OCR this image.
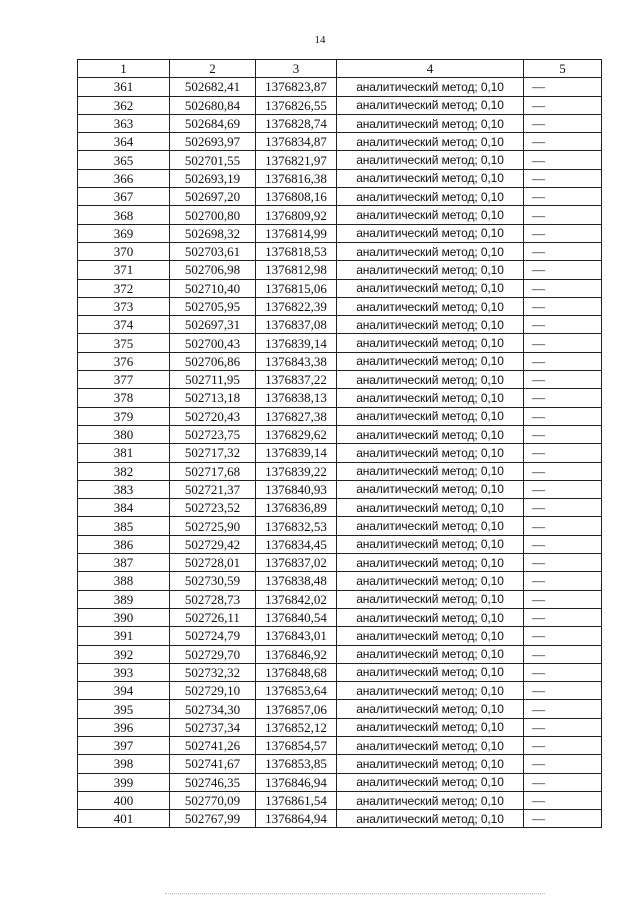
14
1	2	3	4	5
361	502682,41	1376823,87	аналитический метод; 0,10	—
362	502680,84	1376826,55	аналитический метод; 0,10	—
363	502684,69	1376828,74	аналитический метод; 0,10	—
364	502693,97	1376834,87	аналитический метод; 0,10	—
365	502701,55	1376821,97	аналитический метод; 0,10	—
366	502693,19	1376816,38	аналитический метод; 0,10	—
367	502697,20	1376808,16	аналитический метод; 0,10	—
368	502700,80	1376809,92	аналитический метод; 0,10	—
369	502698,32	1376814,99	аналитический метод; 0,10	—
370	502703,61	1376818,53	аналитический метод; 0,10	—
371	502706,98	1376812,98	аналитический метод; 0,10	—
372	502710,40	1376815,06	аналитический метод; 0,10	—
373	502705,95	1376822,39	аналитический метод; 0,10	—
374	502697,31	1376837,08	аналитический метод; 0,10	—
375	502700,43	1376839,14	аналитический метод; 0,10	—
376	502706,86	1376843,38	аналитический метод; 0,10	—
377	502711,95	1376837,22	аналитический метод; 0,10	—
378	502713,18	1376838,13	аналитический метод; 0,10	—
379	502720,43	1376827,38	аналитический метод; 0,10	—
380	502723,75	1376829,62	аналитический метод; 0,10	—
381	502717,32	1376839,14	аналитический метод; 0,10	—
382	502717,68	1376839,22	аналитический метод; 0,10	—
383	502721,37	1376840,93	аналитический метод; 0,10	—
384	502723,52	1376836,89	аналитический метод; 0,10	—
385	502725,90	1376832,53	аналитический метод; 0,10	—
386	502729,42	1376834,45	аналитический метод; 0,10	—
387	502728,01	1376837,02	аналитический метод; 0,10	—
388	502730,59	1376838,48	аналитический метод; 0,10	—
389	502728,73	1376842,02	аналитический метод; 0,10	—
390	502726,11	1376840,54	аналитический метод; 0,10	—
391	502724,79	1376843,01	аналитический метод; 0,10	—
392	502729,70	1376846,92	аналитический метод; 0,10	—
393	502732,32	1376848,68	аналитический метод; 0,10	—
394	502729,10	1376853,64	аналитический метод; 0,10	—
395	502734,30	1376857,06	аналитический метод; 0,10	—
396	502737,34	1376852,12	аналитический метод; 0,10	—
397	502741,26	1376854,57	аналитический метод; 0,10	—
398	502741,67	1376853,85	аналитический метод; 0,10	—
399	502746,35	1376846,94	аналитический метод; 0,10	—
400	502770,09	1376861,54	аналитический метод; 0,10	—
401	502767,99	1376864,94	аналитический метод; 0,10	—
